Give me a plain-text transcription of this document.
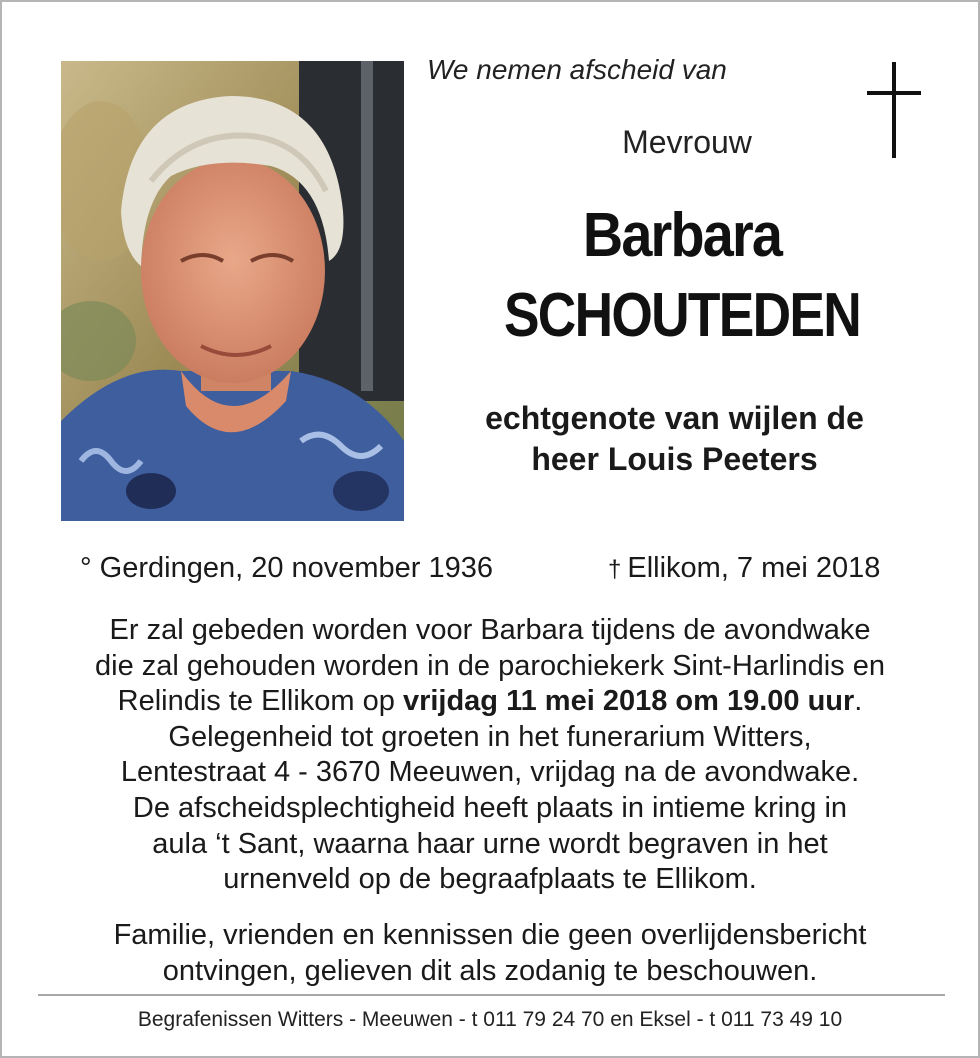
We nemen afscheid van
Mevrouw
Barbara
SCHOUTEDEN
echtgenote van wijlen de
heer Louis Peeters
° Gerdingen, 20 november 1936	† Ellikom, 7 mei 2018
Er zal gebeden worden voor Barbara tijdens de avondwake
die zal gehouden worden in de parochiekerk Sint-Harlindis en
Relindis te Ellikom op vrijdag 11 mei 2018 om 19.00 uur.
Gelegenheid tot groeten in het funerarium Witters,
Lentestraat 4 - 3670 Meeuwen, vrijdag na de avondwake.
De afscheidsplechtigheid heeft plaats in intieme kring in
aula ‘t Sant, waarna haar urne wordt begraven in het
urnenveld op de begraafplaats te Ellikom.
Familie, vrienden en kennissen die geen overlijdensbericht
ontvingen, gelieven dit als zodanig te beschouwen.
Begrafenissen Witters - Meeuwen - t 011 79 24 70 en Eksel - t 011 73 49 10
